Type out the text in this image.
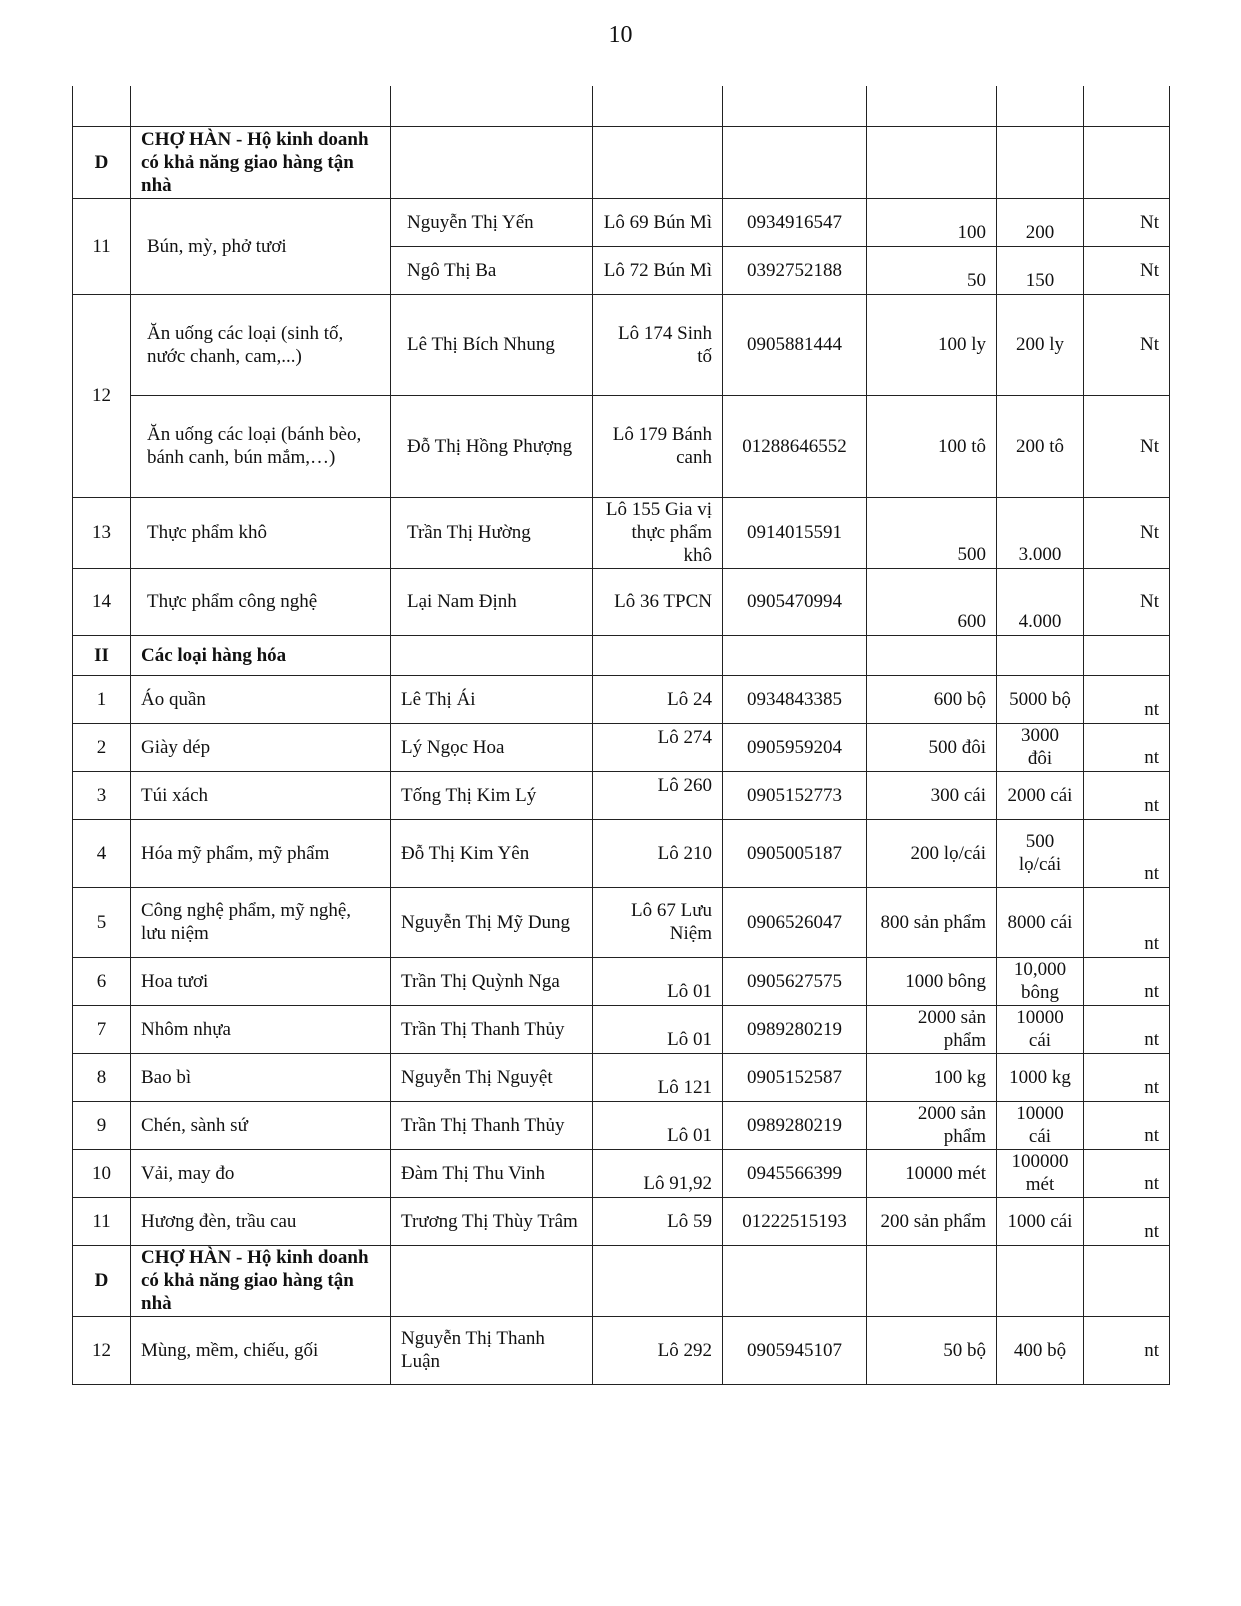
10

D	CHỢ HÀN - Hộ kinh doanh có khả năng giao hàng tận nhà						
11	Bún, mỳ, phở tươi	Nguyễn Thị Yến	Lô 69 Bún Mì	0934916547	100	200	Nt
		Ngô Thị Ba	Lô 72 Bún Mì	0392752188	50	150	Nt
12	Ăn uống các loại (sinh tố, nước chanh, cam,...)	Lê Thị Bích Nhung	Lô 174 Sinh tố	0905881444	100 ly	200 ly	Nt
	Ăn uống các loại (bánh bèo, bánh canh, bún mắm,…)	Đỗ Thị Hồng Phượng	Lô 179 Bánh canh	01288646552	100 tô	200 tô	Nt
13	Thực phẩm khô	Trần Thị Hường	Lô 155 Gia vị thực phẩm khô	0914015591	500	3.000	Nt
14	Thực phẩm công nghệ	Lại Nam Định	Lô 36 TPCN	0905470994	600	4.000	Nt
II	Các loại hàng hóa						
1	Áo quần	Lê Thị Ái	Lô 24	0934843385	600 bộ	5000 bộ	nt
2	Giày dép	Lý Ngọc Hoa	Lô 274	0905959204	500 đôi	3000 đôi	nt
3	Túi xách	Tống Thị Kim Lý	Lô 260	0905152773	300 cái	2000 cái	nt
4	Hóa mỹ phẩm, mỹ phẩm	Đỗ Thị Kim Yên	Lô 210	0905005187	200 lọ/cái	500 lọ/cái	nt
5	Công nghệ phẩm, mỹ nghệ, lưu niệm	Nguyễn Thị Mỹ Dung	Lô 67 Lưu Niệm	0906526047	800 sản phẩm	8000 cái	nt
6	Hoa tươi	Trần Thị Quỳnh Nga	Lô 01	0905627575	1000 bông	10,000 bông	nt
7	Nhôm nhựa	Trần Thị Thanh Thủy	Lô 01	0989280219	2000 sản phẩm	10000 cái	nt
8	Bao bì	Nguyễn Thị Nguyệt	Lô 121	0905152587	100 kg	1000 kg	nt
9	Chén, sành sứ	Trần Thị Thanh Thủy	Lô 01	0989280219	2000 sản phẩm	10000 cái	nt
10	Vải, may đo	Đàm Thị Thu Vinh	Lô 91,92	0945566399	10000 mét	100000 mét	nt
11	Hương đèn, trầu cau	Trương Thị Thùy Trâm	Lô 59	01222515193	200 sản phẩm	1000 cái	nt
D	CHỢ HÀN - Hộ kinh doanh có khả năng giao hàng tận nhà						
12	Mùng, mềm, chiếu, gối	Nguyễn Thị Thanh Luận	Lô 292	0905945107	50 bộ	400 bộ	nt
